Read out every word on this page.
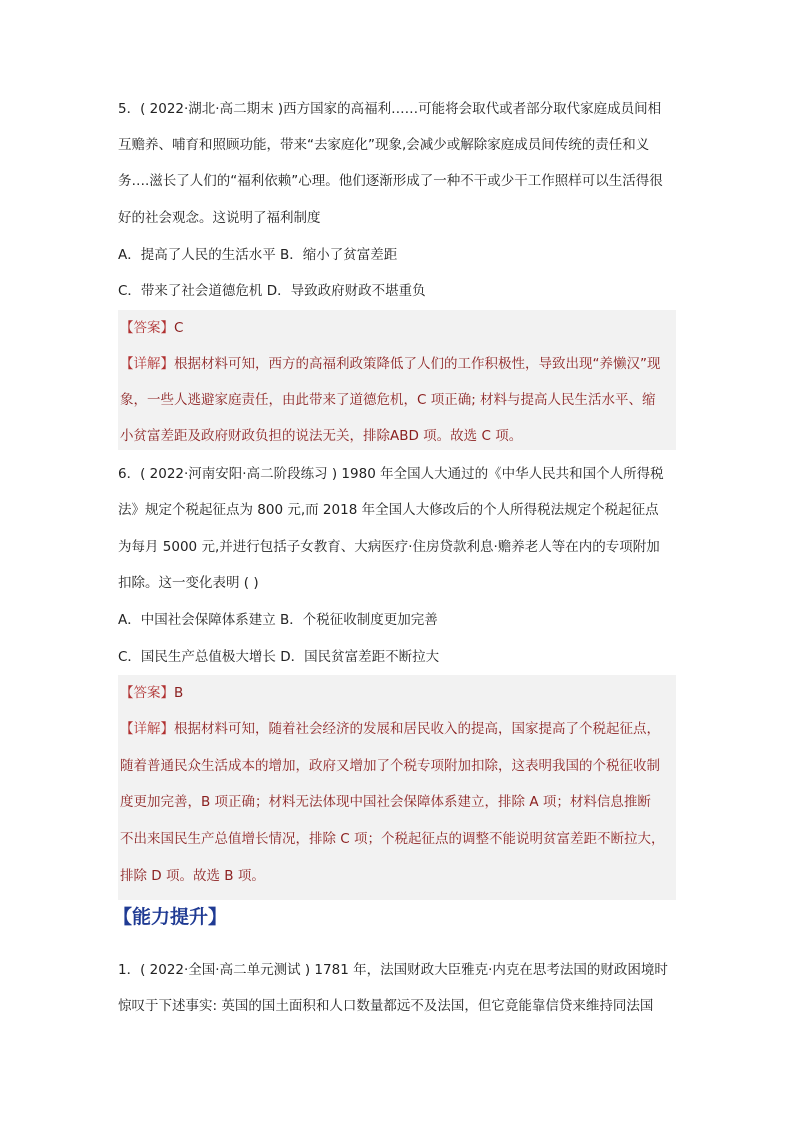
5．( 2022·湖北·高二期末 )西方国家的高福利……可能将会取代或者部分取代家庭成员间相
互赡养、哺育和照顾功能，带来“去家庭化”现象,会减少或解除家庭成员间传统的责任和义
务….滋长了人们的“福利依赖”心理。他们逐渐形成了一种不干或少干工作照样可以生活得很
好的社会观念。这说明了福利制度
A．提高了人民的生活水平 B．缩小了贫富差距
C．带来了社会道德危机 D．导致政府财政不堪重负
【答案】C
【详解】根据材料可知，西方的高福利政策降低了人们的工作积极性，导致出现“养懒汉”现
象，一些人逃避家庭责任，由此带来了道德危机，C 项正确; 材料与提高人民生活水平、缩
小贫富差距及政府财政负担的说法无关，排除ABD 项。故选 C 项。
6．( 2022·河南安阳·高二阶段练习 ) 1980 年全国人大通过的《中华人民共和国个人所得税
法》规定个税起征点为 800 元,而 2018 年全国人大修改后的个人所得税法规定个税起征点
为每月 5000 元,并进行包括子女教育、大病医疗·住房贷款利息·赡养老人等在内的专项附加
扣除。这一变化表明 ( )
A．中国社会保障体系建立 B．个税征收制度更加完善
C．国民生产总值极大增长 D．国民贫富差距不断拉大
【答案】B
【详解】根据材料可知，随着社会经济的发展和居民收入的提高，国家提高了个税起征点，
随着普通民众生活成本的增加，政府又增加了个税专项附加扣除，这表明我国的个税征收制
度更加完善，B 项正确；材料无法体现中国社会保障体系建立，排除 A 项；材料信息推断
不出来国民生产总值增长情况，排除 C 项；个税起征点的调整不能说明贫富差距不断拉大，
排除 D 项。故选 B 项。
【能力提升】
1．( 2022·全国·高二单元测试 ) 1781 年，法国财政大臣雅克·内克在思考法国的财政困境时
惊叹于下述事实: 英国的国土面积和人口数量都远不及法国，但它竟能靠信贷来维持同法国
